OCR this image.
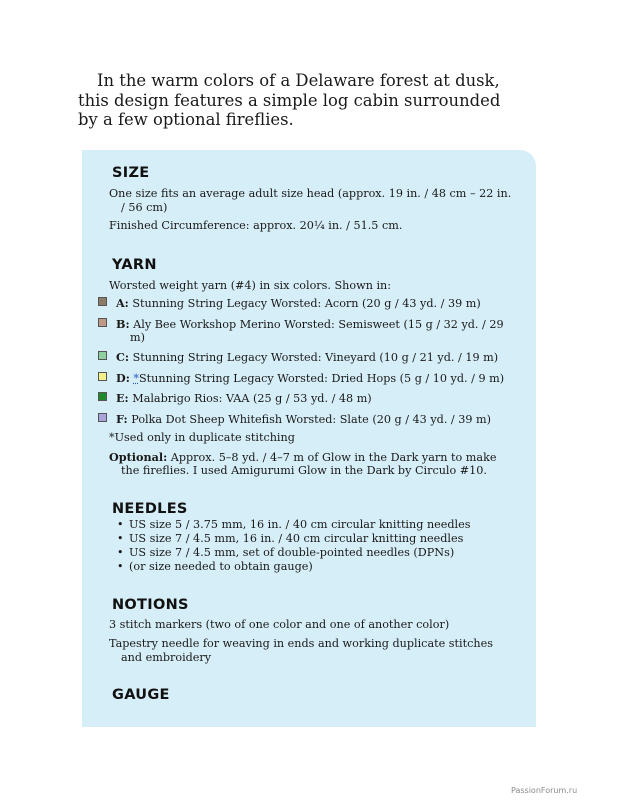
In the warm colors of a Delaware forest at dusk,
this design features a simple log cabin surrounded
by a few optional fireflies.
SIZE
One size fits an average adult size head (approx. 19 in. / 48 cm – 22 in.
/ 56 cm)
Finished Circumference: approx. 20¼ in. / 51.5 cm.
YARN
Worsted weight yarn (#4) in six colors. Shown in:
A: Stunning String Legacy Worsted: Acorn (20 g / 43 yd. / 39 m)
B: Aly Bee Workshop Merino Worsted: Semisweet (15 g / 32 yd. / 29
m)
C: Stunning String Legacy Worsted: Vineyard (10 g / 21 yd. / 19 m)
D: *Stunning String Legacy Worsted: Dried Hops (5 g / 10 yd. / 9 m)
E: Malabrigo Rios: VAA (25 g / 53 yd. / 48 m)
F: Polka Dot Sheep Whitefish Worsted: Slate (20 g / 43 yd. / 39 m)
*Used only in duplicate stitching
Optional: Approx. 5–8 yd. / 4–7 m of Glow in the Dark yarn to make
the fireflies. I used Amigurumi Glow in the Dark by Circulo #10.
NEEDLES
• US size 5 / 3.75 mm, 16 in. / 40 cm circular knitting needles
• US size 7 / 4.5 mm, 16 in. / 40 cm circular knitting needles
• US size 7 / 4.5 mm, set of double-pointed needles (DPNs)
• (or size needed to obtain gauge)
NOTIONS
3 stitch markers (two of one color and one of another color)
Tapestry needle for weaving in ends and working duplicate stitches
and embroidery
GAUGE
PassionForum.ru
